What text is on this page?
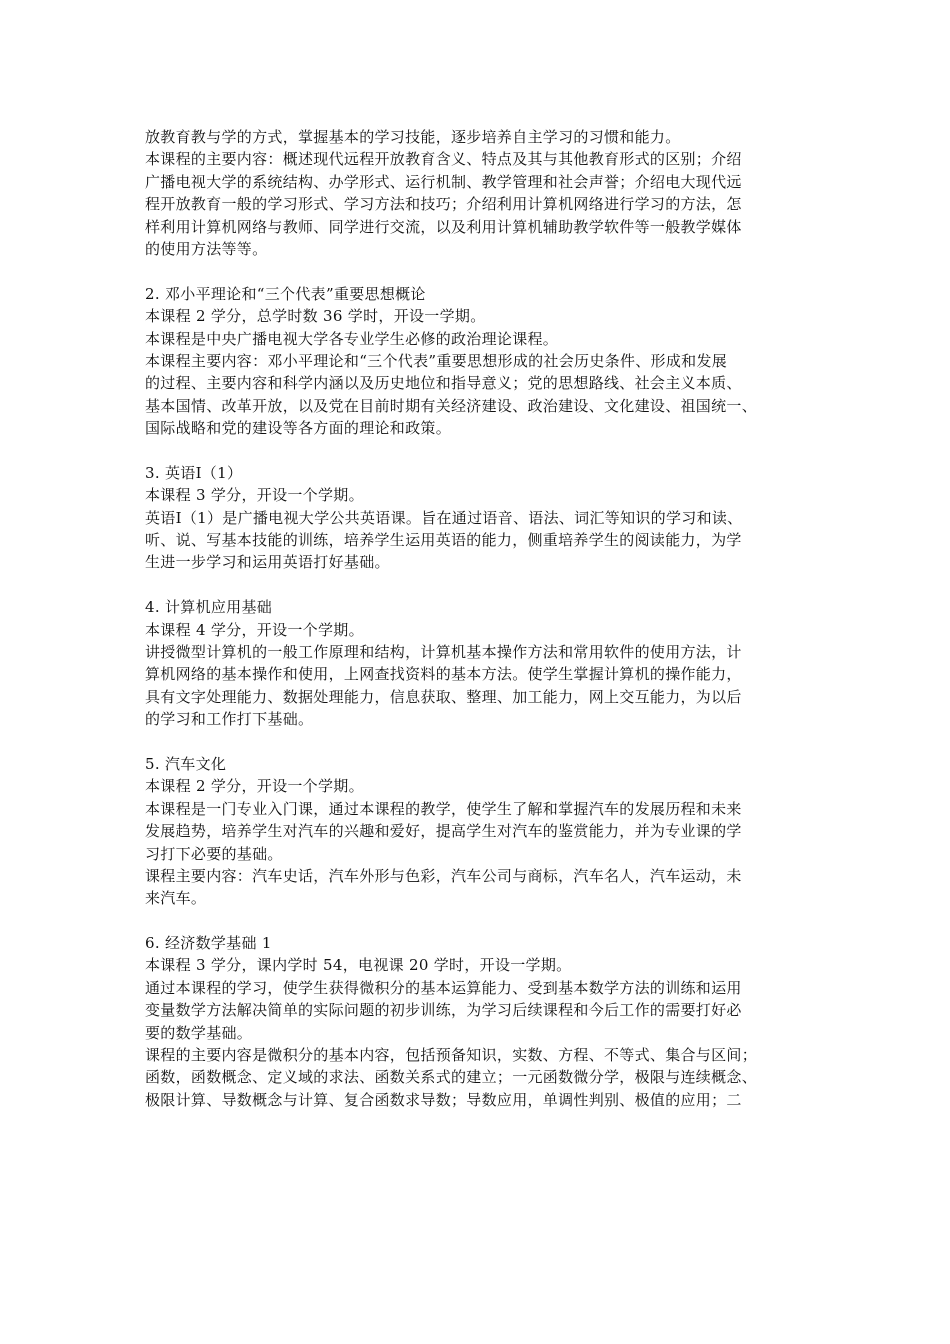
放教育教与学的方式，掌握基本的学习技能，逐步培养自主学习的习惯和能力。
本课程的主要内容：概述现代远程开放教育含义、特点及其与其他教育形式的区别；介绍
广播电视大学的系统结构、办学形式、运行机制、教学管理和社会声誉；介绍电大现代远
程开放教育一般的学习形式、学习方法和技巧；介绍利用计算机网络进行学习的方法，怎
样利用计算机网络与教师、同学进行交流，以及利用计算机辅助教学软件等一般教学媒体
的使用方法等等。
2. 邓小平理论和“三个代表”重要思想概论
本课程 2 学分，总学时数 36 学时，开设一学期。
本课程是中央广播电视大学各专业学生必修的政治理论课程。
本课程主要内容：邓小平理论和“三个代表”重要思想形成的社会历史条件、形成和发展
的过程、主要内容和科学内涵以及历史地位和指导意义；党的思想路线、社会主义本质、
基本国情、改革开放，以及党在目前时期有关经济建设、政治建设、文化建设、祖国统一、
国际战略和党的建设等各方面的理论和政策。
3. 英语Ⅰ（1）
本课程 3 学分，开设一个学期。
英语Ⅰ（1）是广播电视大学公共英语课。旨在通过语音、语法、词汇等知识的学习和读、
听、说、写基本技能的训练，培养学生运用英语的能力，侧重培养学生的阅读能力，为学
生进一步学习和运用英语打好基础。
4. 计算机应用基础
本课程 4 学分，开设一个学期。
讲授微型计算机的一般工作原理和结构，计算机基本操作方法和常用软件的使用方法，计
算机网络的基本操作和使用，上网查找资料的基本方法。使学生掌握计算机的操作能力，
具有文字处理能力、数据处理能力，信息获取、整理、加工能力，网上交互能力，为以后
的学习和工作打下基础。
5. 汽车文化
本课程 2 学分，开设一个学期。
本课程是一门专业入门课，通过本课程的教学，使学生了解和掌握汽车的发展历程和未来
发展趋势，培养学生对汽车的兴趣和爱好，提高学生对汽车的鉴赏能力，并为专业课的学
习打下必要的基础。
课程主要内容：汽车史话，汽车外形与色彩，汽车公司与商标，汽车名人，汽车运动，未
来汽车。
6. 经济数学基础 1
本课程 3 学分，课内学时 54，电视课 20 学时，开设一学期。
通过本课程的学习，使学生获得微积分的基本运算能力、受到基本数学方法的训练和运用
变量数学方法解决简单的实际问题的初步训练，为学习后续课程和今后工作的需要打好必
要的数学基础。
课程的主要内容是微积分的基本内容，包括预备知识，实数、方程、不等式、集合与区间；
函数，函数概念、定义域的求法、函数关系式的建立；一元函数微分学，极限与连续概念、
极限计算、导数概念与计算、复合函数求导数；导数应用，单调性判别、极值的应用；二
